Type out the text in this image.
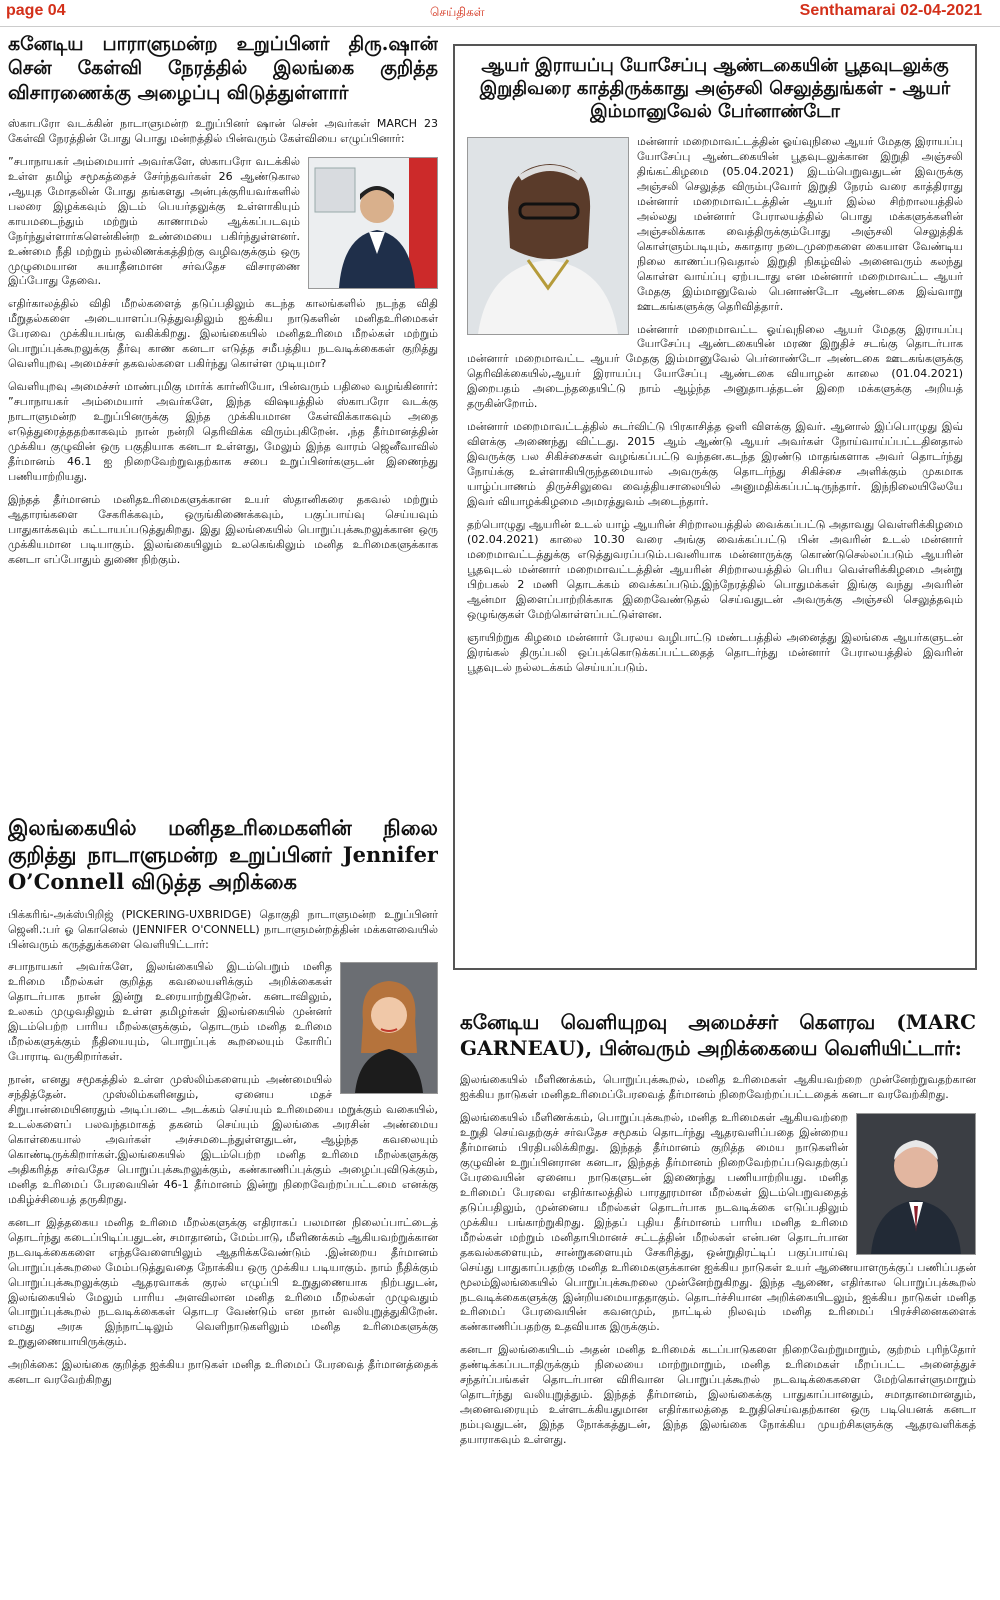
page 04	செய்திகள்	Senthamarai 02-04-2021
கனேடிய பாராளுமன்ற உறுப்பினர் திரு.ஷான் சென் கேள்வி நேரத்தில் இலங்கை குறித்த விசாரணைக்கு அழைப்பு விடுத்துள்ளார்

ஸ்காபரோ வடக்கின் நாடாளுமன்ற உறுப்பினர் ஷான் சென் அவர்கள் MARCH 23 கேள்வி நேரத்தின் போது பொது மன்றத்தில் பின்வரும் கேள்வியை எழுப்பினார்:

”சபாநாயகர் அம்மையார் அவர்களே, ஸ்காபரோ வடக்கில் உள்ள தமிழ் சமூகத்தைச் சேர்ந்தவர்கள் 26 ஆண்டுகால ,ஆயுத மோதலின் போது தங்களது அன்புக்குரியவர்களில் பலரை இழக்கவும் இடம் பெயர்தலுக்கு உள்ளாகியும் காயமடைந்தும் மற்றும் காணாமல் ஆக்கப்படவும் நேர்ந்துள்ளார்களென்கின்ற உண்மையை பகிர்ந்துள்ளனர். உண்மை நீதி மற்றும் நல்லிணக்கத்திற்கு வழிவகுக்கும் ஒரு முழுமையான சுயாதீனமான சர்வதேச விசாரணை இப்போது தேவை.

எதிர்காலத்தில் விதி மீறல்களைத் தடுப்பதிலும் கடந்த காலங்களில் நடந்த விதி மீறுதல்களை அடையாளப்படுத்துவதிலும் ஐக்கிய நாடுகளின் மனிதஉரிமைகள் பேரவை முக்கியபங்கு வகிக்கிறது. இலங்கையில் மனிதஉரிமை மீறல்கள் மற்றும் பொறுப்புக்கூறலுக்கு தீர்வு காண கனடா எடுத்த சமீபத்திய நடவடிக்கைகள் குறித்து வெளியுறவு அமைச்சர் தகவல்களை பகிர்ந்து கொள்ள முடியுமா?

வெளியுறவு அமைச்சர் மாண்புமிகு மார்க் கார்னியோ, பின்வரும் பதிலை வழங்கினார்: ”சபாநாயகர் அம்மையார் அவர்களே, இந்த விஷயத்தில் ஸ்காபரோ வடக்கு நாடாளுமன்ற உறுப்பினருக்கு இந்த முக்கியமான கேள்விக்காகவும் அதை எடுத்துரைத்ததற்காகவும் நான் நன்றி தெரிவிக்க விரும்புகிறேன். ,ந்த தீர்மானத்தின் முக்கிய குழுவின் ஒரு பகுதியாக கனடா உள்ளது, மேலும் இந்த வாரம் ஜெனீவாவில் தீர்மானம் 46.1 ஐ நிறைவேற்றுவதற்காக சபை உறுப்பினர்களுடன் இணைந்து பணியாற்றியது.

இந்தத் தீர்மானம் மனிதஉரிமைகளுக்கான உயர் ஸ்தானிகரை தகவல் மற்றும் ஆதாரங்களை சேகரிக்கவும், ஒருங்கிணைக்கவும், பகுப்பாய்வு செய்யவும் பாதுகாக்கவும் கட்டாயப்படுத்துகிறது. இது இலங்கையில் பொறுப்புக்கூறலுக்கான ஒரு முக்கியமான படியாகும். இலங்கையிலும் உலகெங்கிலும் மனித உரிமைகளுக்காக கனடா எப்போதும் துணை நிற்கும்.

இலங்கையில் மனிதஉரிமைகளின் நிலை குறித்து நாடாளுமன்ற உறுப்பினர் Jennifer O’Connell விடுத்த அறிக்கை

பிக்கரிங்-அக்ஸ்பிறிஜ் (PICKERING-UXBRIDGE) தொகுதி நாடாளுமன்ற உறுப்பினர் ஜெனி.:பர் ஓ கொனெல் (JENNIFER O'CONNELL) நாடாளுமன்றத்தின் மக்களவையில் பின்வரும் கருத்துக்களை வெளியிட்டார்:

சபாநாயகர் அவர்களே, இலங்கையில் இடம்பெறும் மனித உரிமை மீறல்கள் குறித்த கவலையளிக்கும் அறிக்கைகள் தொடர்பாக நான் இன்று உரையாற்றுகிறேன். கனடாவிலும், உலகம் முழுவதிலும் உள்ள தமிழர்கள் இலங்கையில் முன்னர் இடம்பெற்ற பாரிய மீறல்களுக்கும், தொடரும் மனித உரிமை மீறல்களுக்கும் நீதியையும், பொறுப்புக் கூறலையும் கோரிப் போராடி வருகிறார்கள்.

நான், எனது சமூகத்தில் உள்ள முஸ்லிம்களையும் அண்மையில் சந்தித்தேன். முஸ்லிம்களினதும், ஏனைய மதச் சிறுபான்மையினரதும் அடிப்படை அடக்கம் செய்யும் உரிமையை மறுக்கும் வகையில், உடல்களைப் பலவந்தமாகத் தகனம் செய்யும் இலங்கை அரசின் அண்மைய கொள்கையால் அவர்கள் அச்சமடைந்துள்ளதுடன், ஆழ்ந்த கவலையும் கொண்டிருக்கிறார்கள்.இலங்கையில் இடம்பெற்ற மனித உரிமை மீறல்களுக்கு அதிகரித்த சர்வதேச பொறுப்புக்கூறலுக்கும், கண்காணிப்புக்கும் அழைப்புவிடுக்கும், மனித உரிமைப் பேரவையின் 46-1 தீர்மானம் இன்று நிறைவேற்றப்பட்டமை எனக்கு மகிழ்ச்சியைத் தருகிறது.

கனடா இத்தகைய மனித உரிமை மீறல்களுக்கு எதிராகப் பலமான நிலைப்பாட்டைத் தொடர்ந்து கடைப்பிடிப்பதுடன், சமாதானம், மேம்பாடு, மீளிணக்கம் ஆகியவற்றுக்கான நடவடிக்கைகளை எந்தவேளையிலும் ஆதரிக்கவேண்டும் .இன்றைய தீர்மானம் பொறுப்புக்கூறலை மேம்படுத்துவதை நோக்கிய ஒரு முக்கிய படியாகும். நாம் நீதிக்கும் பொறுப்புக்கூறலுக்கும் ஆதரவாகக் குரல் எழுப்பி உறுதுணையாக நிற்பதுடன், இலங்கையில் மேலும் பாரிய அளவிலான மனித உரிமை மீறல்கள் முழுவதும் பொறுப்புக்கூறல் நடவடிக்கைகள் தொடர வேண்டும் என நான் வலியுறுத்துகிறேன். எமது அரசு இந்நாட்டிலும் வெளிநாடுகளிலும் மனித உரிமைகளுக்கு உறுதுணையாயிருக்கும்.

அறிக்கை: இலங்கை குறித்த ஐக்கிய நாடுகள் மனித உரிமைப் பேரவைத் தீர்மானத்தைக் கனடா வரவேற்கிறது

ஆயர் இராயப்பு யோசேப்பு ஆண்டகையின் பூதவுடலுக்கு இறுதிவரை காத்திருக்காது அஞ்சலி செலுத்துங்கள் - ஆயர் இம்மானுவேல் பேர்னாண்டோ

மன்னார் மறைமாவட்டத்தின் ஓய்வுநிலை ஆயர் மேதகு இராயப்பு யோசேப்பு ஆண்டகையின் பூதவுடலுக்கான இறுதி அஞ்சலி திங்கட்கிழமை (05.04.2021) இடம்பெறுவதுடன் இவருக்கு அஞ்சலி செலுத்த விரும்புவோர் இறுதி நேரம் வரை காத்திராது மன்னார் மறைமாவட்டத்தின் ஆயர் இல்ல சிற்றாலயத்தில் அல்லது மன்னார் பேராலயத்தில் பொது மக்களுக்களின் அஞ்சலிக்காக வைத்திருக்கும்போது அஞ்சலி செலுத்திக் கொள்ளும்படியும், சுகாதார நடைமுறைகளை கையாள வேண்டிய நிலை காணப்படுவதால் இறுதி நிகழ்வில் அனைவரும் கலந்து கொள்ள வாய்ப்பு ஏற்படாது என மன்னார் மறைமாவட்ட ஆயர் மேதகு இம்மானுவேல் பெனாண்டோ ஆண்டகை இவ்வாறு ஊடகங்களுக்கு தெரிவித்தார்.

மன்னார் மறைமாவட்ட ஓய்வுநிலை ஆயர் மேதகு இராயப்பு யோசேப்பு ஆண்டகையின் மரண இறுதிச் சடங்கு தொடர்பாக மன்னார் மறைமாவட்ட ஆயர் மேதகு இம்மானுவேல் பெர்னாண்டோ அண்டகை ஊடகங்களுக்கு தெரிவிக்கையில்,ஆயர் இராயப்பு யோசேப்பு ஆண்டகை வியாழன் காலை (01.04.2021) இறைபதம் அடைந்ததையிட்டு நாம் ஆழ்ந்த அனுதாபத்தடன் இறை மக்களுக்கு அறியத் தருகின்றோம்.

மன்னார் மறைமாவட்டத்தில் சுடர்விட்டு பிரகாசித்த ஒளி விளக்கு இவர். ஆனால் இப்பொழுது இவ் விளக்கு அணைந்து விட்டது. 2015 ஆம் ஆண்டு ஆயர் அவர்கள் நோய்வாய்ப்பட்டதினதால் இவருக்கு பல சிகிச்சைகள் வழங்கப்பட்டு வந்தன.கடந்த இரண்டு மாதங்களாக அவர் தொடர்ந்து நோய்க்கு உள்ளாகியிருந்தமையால் அவருக்கு தொடர்ந்து சிகிச்சை அளிக்கும் முகமாக யாழ்ப்பாணம் திருச்சிலுவை வைத்தியசாலையில் அனுமதிக்கப்பட்டிருந்தார். இந்நிலையிலேயே இவர் வியாழக்கிழமை அமரத்துவம் அடைந்தார்.

தற்பொழுது ஆயரின் உடல் யாழ் ஆயரின் சிற்றாலயத்தில் வைக்கப்பட்டு அதாவது வெள்ளிக்கிழமை (02.04.2021) காலை 10.30 வரை அங்கு வைக்கப்பட்டு பின் அவரின் உடல் மன்னார் மறைமாவட்டத்துக்கு எடுத்துவரப்படும்.பவனியாக மன்னாருக்கு கொண்டுசெல்லப்படும் ஆயரின் பூதவுடல் மன்னார் மறைமாவட்டத்தின் ஆயரின் சிற்றாலயத்தில் பெரிய வெள்ளிக்கிழமை அன்று பிற்பகல் 2 மணி தொடக்கம் வைக்கப்படும்.இந்நேரத்தில் பொதுமக்கள் இங்கு வந்து அவரின் ஆன்மா இளைப்பாற்றிக்காக இறைவேண்டுதல் செய்வதுடன் அவருக்கு அஞ்சலி செலுத்தவும் ஒழுங்குகள் மேற்கொள்ளப்பட்டுள்ளன.

ஞாயிற்றுக கிழமை மன்னார் பேரலய வழிபாட்டு மண்டபத்தில் அனைத்து இலங்கை ஆயர்களுடன் இரங்கல் திருப்பலி ஒப்புக்கொடுக்கப்பட்டதைத் தொடர்ந்து மன்னார் பேராலயத்தில் இவரின் பூதவுடல் நல்லடக்கம் செய்யப்படும்.

கனேடிய வெளியுறவு அமைச்சர் கௌரவ (MARC GARNEAU), பின்வரும் அறிக்கையை வெளியிட்டார்:

இலங்கையில் மீளிணக்கம், பொறுப்புக்கூறல், மனித உரிமைகள் ஆகியவற்றை முன்னேற்றுவதற்கான ஐக்கிய நாடுகள் மனிதஉரிமைப்பேரவைத் தீர்மானம் நிறைவேற்றப்பட்டதைக் கனடா வரவேற்கிறது.

இலங்கையில் மீளிணக்கம், பொறுப்புக்கூறல், மனித உரிமைகள் ஆகியவற்றை உறுதி செய்வதற்குச் சர்வதேச சமூகம் தொடர்ந்து ஆதரவளிப்பதை இன்றைய தீர்மானம் பிரதிபலிக்கிறது. இந்தத் தீர்மானம் குறித்த மைய நாடுகளின் குழுவின் உறுப்பினரான கனடா, இந்தத் தீர்மானம் நிறைவேற்றப்படுவதற்குப் பேரவையின் ஏனைய நாடுகளுடன் இணைந்து பணியாற்றியது. மனித உரிமைப் பேரவை எதிர்காலத்தில் பாரதூரமான மீறல்கள் இடம்பெறுவதைத் தடுப்பதிலும், முன்னைய மீறல்கள் தொடர்பாக நடவடிக்கை எடுப்பதிலும் முக்கிய பங்காற்றுகிறது. இந்தப் புதிய தீர்மானம் பாரிய மனித உரிமை மீறல்கள் மற்றும் மனிதாபிமானச் சட்டத்தின் மீறல்கள் என்பன தொடர்பான தகவல்களையும், சான்றுகளையும் சேகரித்து, ஒன்றுதிரட்டிப் பகுப்பாய்வு செய்து பாதுகாப்பதற்கு மனித உரிமைகளுக்கான ஐக்கிய நாடுகள் உயர் ஆணையாளருக்குப் பணிப்பதன் மூலம்இலங்கையில் பொறுப்புக்கூறலை முன்னேற்றுகிறது. இந்த ஆணை, எதிர்கால பொறுப்புக்கூறல் நடவடிக்கைகளுக்கு இன்றியமையாததாகும். தொடர்ச்சியான அறிக்கையிடலும், ஐக்கிய நாடுகள் மனித உரிமைப் பேரவையின் கவனமும், நாட்டில் நிலவும் மனித உரிமைப் பிரச்சினைகளைக் கண்காணிப்பதற்கு உதவியாக இருக்கும்.

கனடா இலங்கையிடம் அதன் மனித உரிமைக் கடப்பாடுகளை நிறைவேற்றுமாறும், குற்றம் புரிந்தோர் தண்டிக்கப்படாதிருக்கும் நிலையை மாற்றுமாறும், மனித உரிமைகள் மீறப்பட்ட அனைத்துச் சந்தர்ப்பங்கள் தொடர்பான விரிவான பொறுப்புக்கூறல் நடவடிக்கைகளை மேற்கொள்ளுமாறும் தொடர்ந்து வலியுறுத்தும். இந்தத் தீர்மானம், இலங்கைக்கு பாதுகாப்பானதும், சமாதானமானதும், அனைவரையும் உள்ளடக்கியதுமான எதிர்காலத்தை உறுதிசெய்வதற்கான ஒரு படியெனக் கனடா நம்புவதுடன், இந்த நோக்கத்துடன், இந்த இலங்கை நோக்கிய முயற்சிகளுக்கு ஆதரவளிக்கத் தயாராகவும் உள்ளது.
